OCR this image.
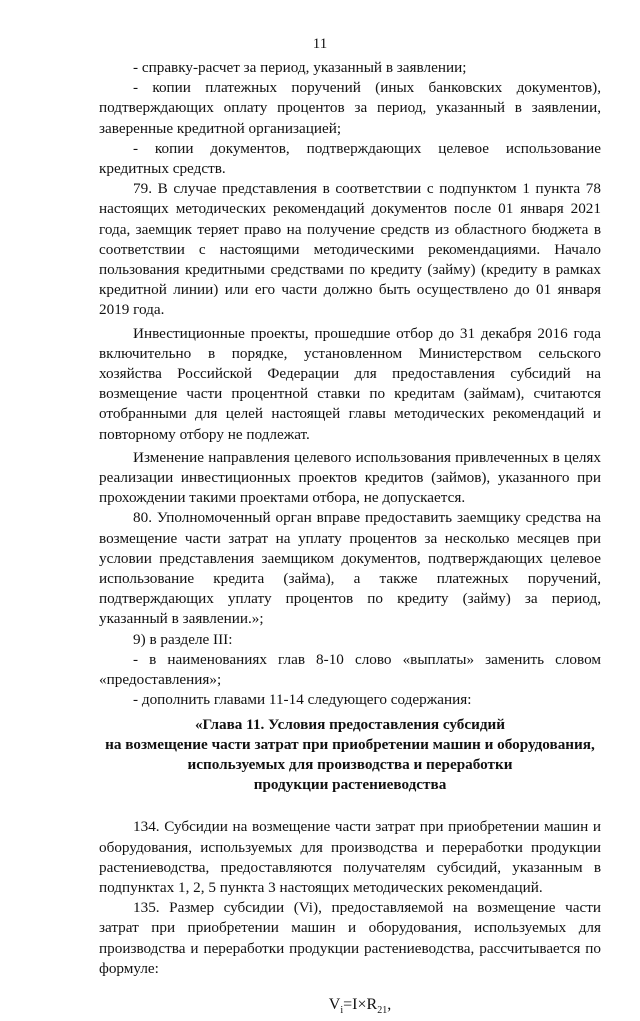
11

- справку-расчет за период, указанный в заявлении;

- копии платежных поручений (иных банковских документов), подтверждающих оплату процентов за период, указанный в заявлении, заверенные кредитной организацией;

- копии документов, подтверждающих целевое использование кредитных средств.

79. В случае представления в соответствии с подпунктом 1 пункта 78 настоящих методических рекомендаций документов после 01 января 2021 года, заемщик теряет право на получение средств из областного бюджета в соответствии с настоящими методическими рекомендациями. Начало пользования кредитными средствами по кредиту (займу) (кредиту в рамках кредитной линии) или его части должно быть осуществлено до 01 января 2019 года.

Инвестиционные проекты, прошедшие отбор до 31 декабря 2016 года включительно в порядке, установленном Министерством сельского хозяйства Российской Федерации для предоставления субсидий на возмещение части процентной ставки по кредитам (займам), считаются отобранными для целей настоящей главы методических рекомендаций и повторному отбору не подлежат.

Изменение направления целевого использования привлеченных в целях реализации инвестиционных проектов кредитов (займов), указанного при прохождении такими проектами отбора, не допускается.

80. Уполномоченный орган вправе предоставить заемщику средства на возмещение части затрат на уплату процентов за несколько месяцев при условии представления заемщиком документов, подтверждающих целевое использование кредита (займа), а также платежных поручений, подтверждающих уплату процентов по кредиту (займу) за период, указанный в заявлении.»;

9) в разделе III:

- в наименованиях глав 8-10 слово «выплаты» заменить словом «предоставления»;

- дополнить главами 11-14 следующего содержания:

«Глава 11. Условия предоставления субсидий
на возмещение части затрат при приобретении машин и оборудования,
используемых для производства и переработки
продукции растениеводства

134. Субсидии на возмещение части затрат при приобретении машин и оборудования, используемых для производства и переработки продукции растениеводства, предоставляются получателям субсидий, указанным в подпунктах 1, 2, 5 пункта 3 настоящих методических рекомендаций.

135. Размер субсидии (Vi), предоставляемой на возмещение части затрат при приобретении машин и оборудования, используемых для производства и переработки продукции растениеводства, рассчитывается по формуле:

$V_i=I\times R_{21}$,
